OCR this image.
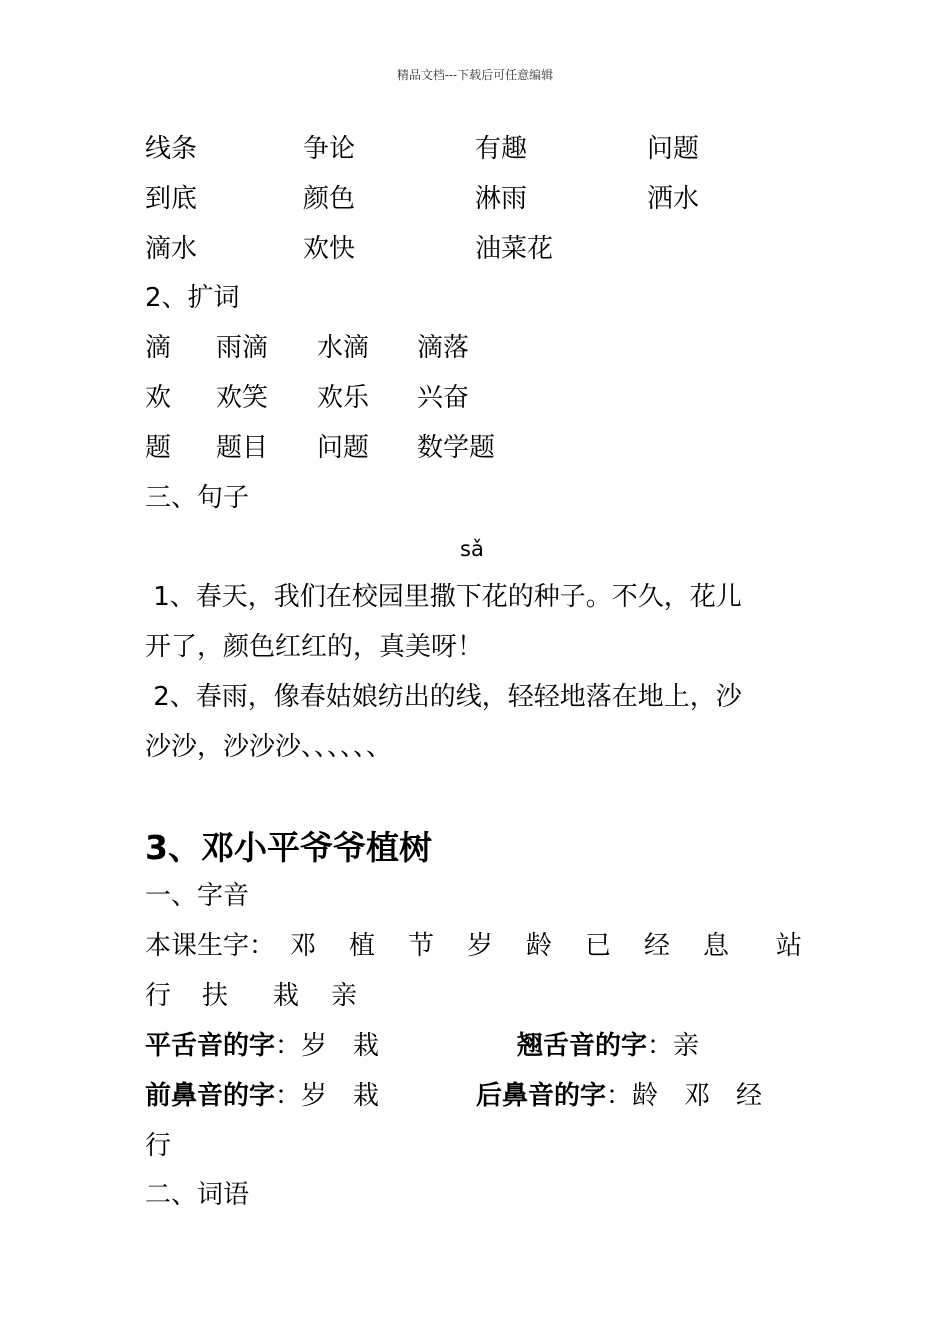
精品文档---下载后可任意编辑
线条	争论	有趣	问题
到底	颜色	淋雨	洒水
滴水	欢快	油菜花
2、扩词
滴 雨滴 水滴 滴落
欢 欢笑 欢乐 兴奋
题 题目 问题 数学题
三、句子
sǎ
1、春天，我们在校园里撒下花的种子。不久，花儿
开了，颜色红红的，真美呀！
2、春雨，像春姑娘纺出的线，轻轻地落在地上，沙
沙沙，沙沙沙、、、、、、
3、邓小平爷爷植树
一、字音
本课生字： 邓 植 节 岁 龄 已 经 息 站
行 扶 栽 亲
平舌音的字：岁　栽	翘舌音的字：亲
前鼻音的字：岁　栽	后鼻音的字：龄　邓　经
行
二、词语
